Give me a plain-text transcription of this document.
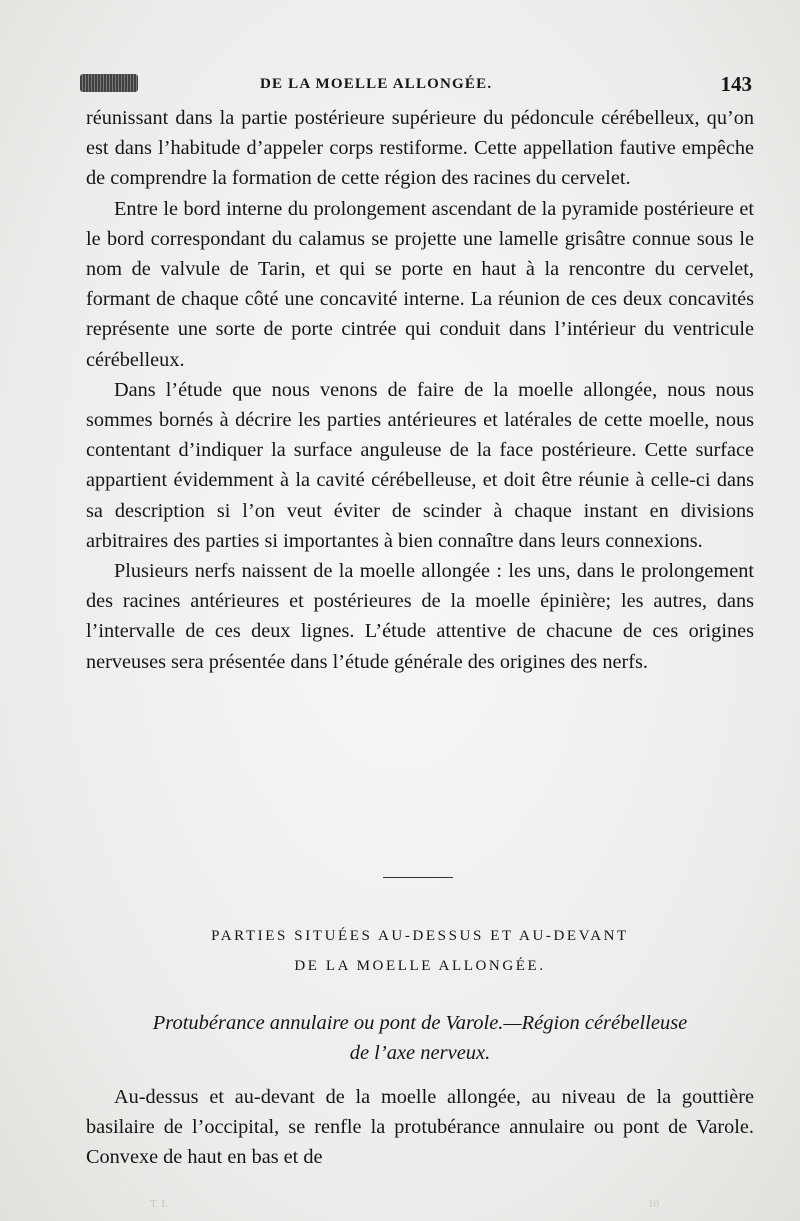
DE LA MOELLE ALLONGÉE.	143

réunissant dans la partie postérieure supérieure du pédoncule cérébelleux, qu’on est dans l’habitude d’appeler corps restiforme. Cette appellation fautive empêche de comprendre la formation de cette région des racines du cervelet.

Entre le bord interne du prolongement ascendant de la pyramide postérieure et le bord correspondant du calamus se projette une lamelle grisâtre connue sous le nom de valvule de Tarin, et qui se porte en haut à la rencontre du cervelet, formant de chaque côté une concavité interne. La réunion de ces deux concavités représente une sorte de porte cintrée qui conduit dans l’intérieur du ventricule cérébelleux.

Dans l’étude que nous venons de faire de la moelle allongée, nous nous sommes bornés à décrire les parties antérieures et latérales de cette moelle, nous contentant d’indiquer la surface anguleuse de la face postérieure. Cette surface appartient évidemment à la cavité cérébelleuse, et doit être réunie à celle-ci dans sa description si l’on veut éviter de scinder à chaque instant en divisions arbitraires des parties si importantes à bien connaître dans leurs connexions.

Plusieurs nerfs naissent de la moelle allongée : les uns, dans le prolongement des racines antérieures et postérieures de la moelle épinière; les autres, dans l’intervalle de ces deux lignes. L’étude attentive de chacune de ces origines nerveuses sera présentée dans l’étude générale des origines des nerfs.

PARTIES SITUÉES AU-DESSUS ET AU-DEVANT
DE LA MOELLE ALLONGÉE.
Protubérance annulaire ou pont de Varole.—Région cérébelleuse
de l’axe nerveux.

Au-dessus et au-devant de la moelle allongée, au niveau de la gouttière basilaire de l’occipital, se renfle la protubérance annulaire ou pont de Varole. Convexe de haut en bas et de

T. I.	10
